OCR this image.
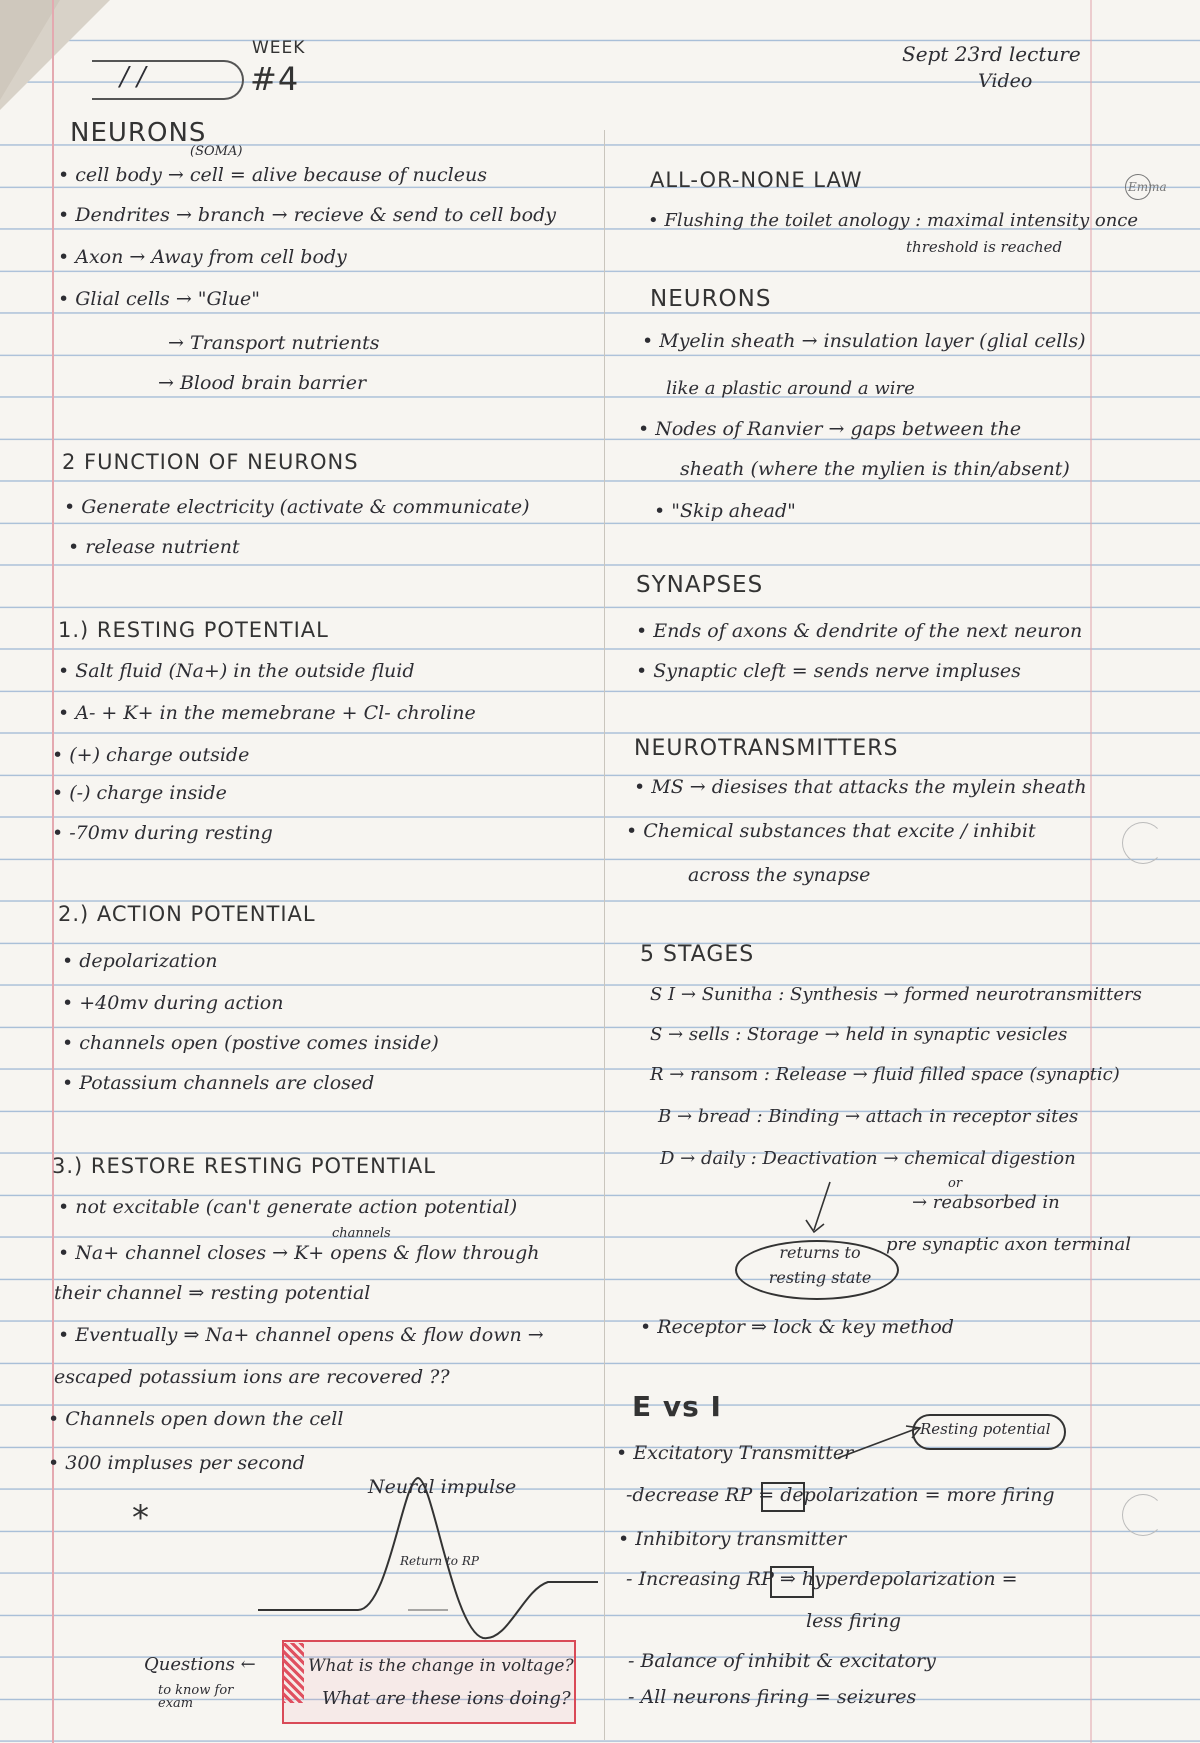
/ /
WEEK
#4
Sept 23rd lecture
Video
Emma
NEURONS
(SOMA)
• cell body → cell = alive because of nucleus
• Dendrites → branch → recieve & send to cell body
• Axon → Away from cell body
• Glial cells → "Glue"
→ Transport nutrients
→ Blood brain barrier
2 FUNCTION OF NEURONS
• Generate electricity (activate & communicate)
• release nutrient
1.) RESTING POTENTIAL
• Salt fluid (Na+) in the outside fluid
• A- + K+ in the memebrane + Cl- chroline
• (+) charge outside
• (-) charge inside
• -70mv during resting
2.) ACTION POTENTIAL
• depolarization
• +40mv during action
• channels open (postive comes inside)
• Potassium channels are closed
3.) RESTORE RESTING POTENTIAL
• not excitable (can't generate action potential)
channels
• Na+ channel closes → K+ opens & flow through
their channel ⇒ resting potential
• Eventually ⇒ Na+ channel opens & flow down →
escaped potassium ions are recovered ??
• Channels open down the cell
• 300 impluses per second
Neural impulse
Return to RP
*
Questions ←
to know for exam
What is the change in voltage?
What are these ions doing?
ALL-OR-NONE LAW
• Flushing the toilet anology : maximal intensity once
threshold is reached
NEURONS
• Myelin sheath → insulation layer (glial cells)
like a plastic around a wire
• Nodes of Ranvier → gaps between the
sheath (where the mylien is thin/absent)
• "Skip ahead"
SYNAPSES
• Ends of axons & dendrite of the next neuron
• Synaptic cleft = sends nerve impluses
NEUROTRANSMITTERS
• MS → diesises that attacks the mylein sheath
• Chemical substances that excite / inhibit
across the synapse
5 STAGES
S I → Sunitha : Synthesis → formed neurotransmitters
S → sells : Storage → held in synaptic vesicles
R → ransom : Release → fluid filled space (synaptic)
B → bread : Binding → attach in receptor sites
D → daily : Deactivation → chemical digestion
or
→ reabsorbed in
returns to resting state
pre synaptic axon terminal
• Receptor ⇒ lock & key method
E vs I
Resting potential
• Excitatory Transmitter
-decrease RP = depolarization = more firing
• Inhibitory transmitter
- Increasing RP ⇒ hyperdepolarization =
less firing
- Balance of inhibit & excitatory
- All neurons firing = seizures
